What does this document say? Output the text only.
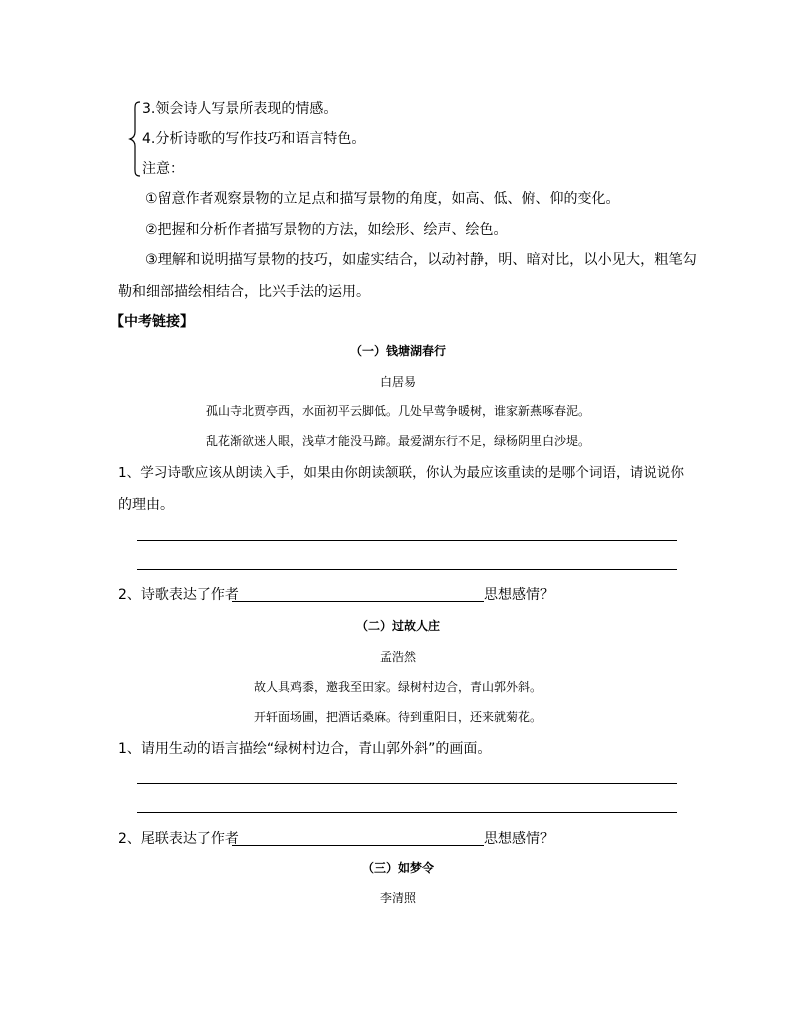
3.领会诗人写景所表现的情感。
4.分析诗歌的写作技巧和语言特色。
注意：
①留意作者观察景物的立足点和描写景物的角度，如高、低、俯、仰的变化。
②把握和分析作者描写景物的方法，如绘形、绘声、绘色。
③理解和说明描写景物的技巧，如虚实结合，以动衬静，明、暗对比，以小见大，粗笔勾
勒和细部描绘相结合，比兴手法的运用。
【中考链接】
（一）钱塘湖春行
白居易
孤山寺北贾亭西，水面初平云脚低。几处早莺争暖树，谁家新燕啄春泥。
乱花渐欲迷人眼，浅草才能没马蹄。最爱湖东行不足，绿杨阴里白沙堤。
1、学习诗歌应该从朗读入手，如果由你朗读颔联，你认为最应该重读的是哪个词语，请说说你
的理由。
2、诗歌表达了作者	思想感情？
（二）过故人庄
孟浩然
故人具鸡黍，邀我至田家。绿树村边合，青山郭外斜。
开轩面场圃，把酒话桑麻。待到重阳日，还来就菊花。
1、请用生动的语言描绘“绿树村边合，青山郭外斜”的画面。
2、尾联表达了作者	思想感情？
（三）如梦令
李清照
